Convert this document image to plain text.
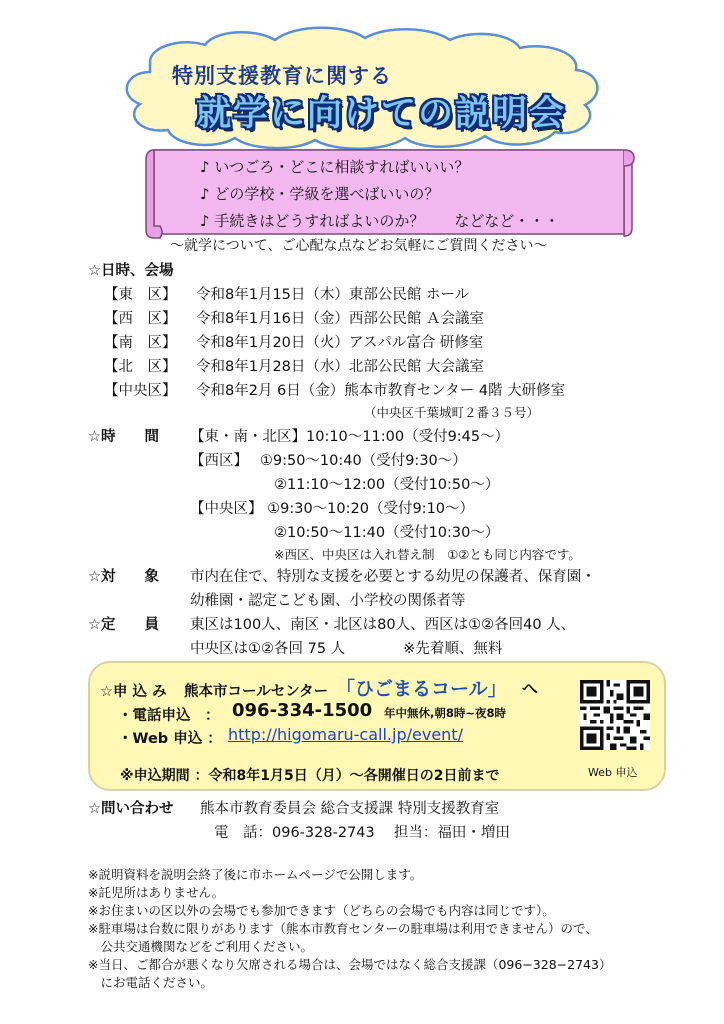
特別支援教育に関する
就学に向けての説明会
♪ いつごろ・どこに相談すればいいい？
♪ どの学校・学級を選べばいいの？
♪ 手続きはどうすればよいのか？　　などなど・・・
～就学について、ご心配な点などお気軽にご質問ください～
☆日時、会場
【東　区】 令和8年1月15日（木）東部公民館 ホール
【西　区】 令和8年1月16日（金）西部公民館 Ａ会議室
【南　区】 令和8年1月20日（火）アスパル富合 研修室
【北　区】 令和8年1月28日（水）北部公民館 大会議室
【中央区】 令和8年2月 6日（金）熊本市教育センター 4階 大研修室
（中央区千葉城町２番３５号）
☆時　　間 【東・南・北区】10:10～11:00（受付9:45～）
【西区】　 ①9:50～10:40（受付9:30～）
②11:10～12:00（受付10:50～）
【中央区】 ①9:30～10:20（受付9:10～）
②10:50～11:40（受付10:30～）
※西区、中央区は入れ替え制　①②とも同じ内容です。
☆対　　象 市内在住で、特別な支援を必要とする幼児の保護者、保育園・
幼稚園・認定こども園、小学校の関係者等
☆定　　員 東区は100人、南区・北区は80人、西区は①②各回40 人、
中央区は①②各回 75 人　　　　※先着順、無料
☆申 込 み 熊本市コールセンター 「ひごまるコール」 へ
・電話申込　： 096-334-1500 年中無休,朝8時~夜8時
・Web 申込 ： http://higomaru-call.jp/event/
※申込期間 ：令和8年1月5日（月）～各開催日の2日前まで	Web 申込
☆問い合わせ 熊本市教育委員会 総合支援課 特別支援教育室
電　話：096-328-2743　 担当：福田・増田
※説明資料を説明会終了後に市ホームページで公開します。
※託児所はありません。
※お住まいの区以外の会場でも参加できます（どちらの会場でも内容は同じです）。
※駐車場は台数に限りがあります（熊本市教育センターの駐車場は利用できません）ので、
　公共交通機関などをご利用ください。
※当日、ご都合が悪くなり欠席される場合は、会場ではなく総合支援課（096−328−2743）
　にお電話ください。
